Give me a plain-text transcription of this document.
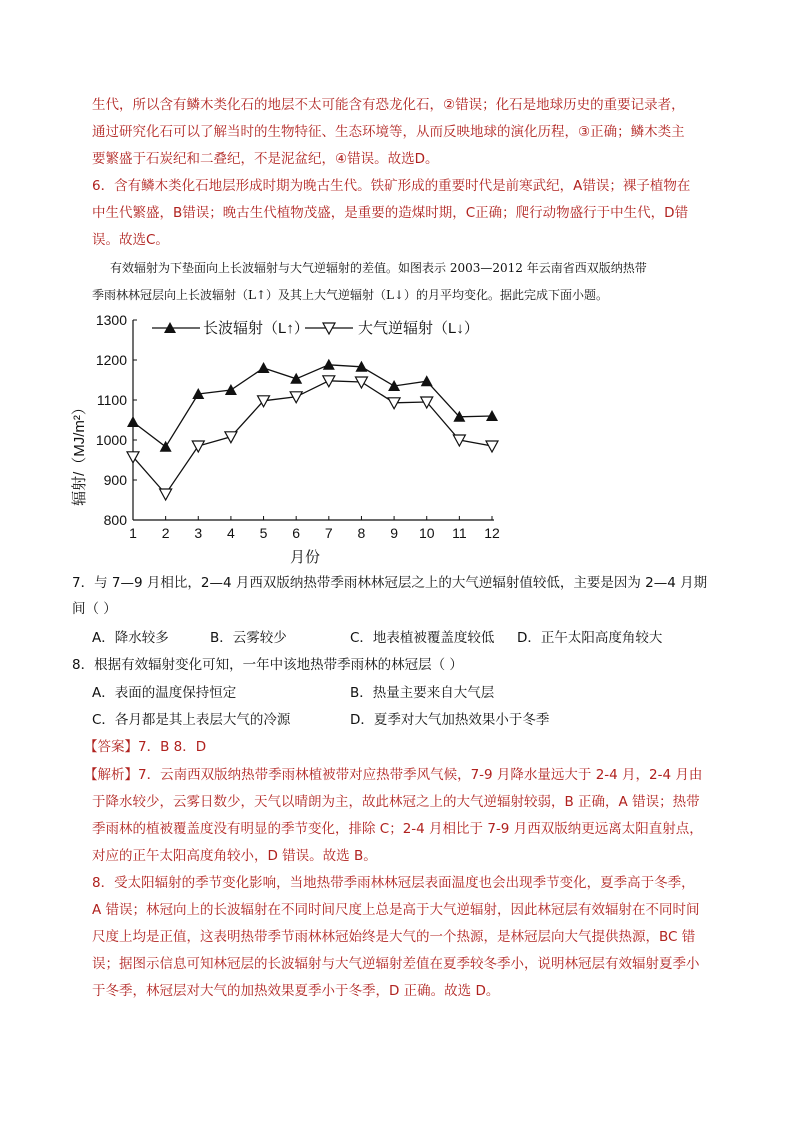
生代，所以含有鳞木类化石的地层不太可能含有恐龙化石，②错误；化石是地球历史的重要记录者，
通过研究化石可以了解当时的生物特征、生态环境等，从而反映地球的演化历程，③正确；鳞木类主
要繁盛于石炭纪和二叠纪，不是泥盆纪，④错误。故选D。
6．含有鳞木类化石地层形成时期为晚古生代。铁矿形成的重要时代是前寒武纪，A错误；裸子植物在
中生代繁盛，B错误；晚古生代植物茂盛，是重要的造煤时期，C正确；爬行动物盛行于中生代，D错
误。故选C。
有效辐射为下垫面向上长波辐射与大气逆辐射的差值。如图表示 2003—2012 年云南省西双版纳热带
季雨林林冠层向上长波辐射（L↑）及其上大气逆辐射（L↓）的月平均变化。据此完成下面小题。
800
900
1000
1100
1200
1300
1 2 3 4 5 6 7 8 9 10 11 12
辐射/（MJ/m²）
月份
长波辐射（L↑）	大气逆辐射（L↓）
7．与 7—9 月相比，2—4 月西双版纳热带季雨林林冠层之上的大气逆辐射值较低，主要是因为 2—4 月期
间（ ）
A．降水较多	B．云雾较少	C．地表植被覆盖度较低 D．正午太阳高度角较大
8．根据有效辐射变化可知，一年中该地热带季雨林的林冠层（ ）
A．表面的温度保持恒定	B．热量主要来自大气层
C．各月都是其上表层大气的冷源	D．夏季对大气加热效果小于冬季
【答案】7．B 8．D
【解析】7．云南西双版纳热带季雨林植被带对应热带季风气候，7-9 月降水量远大于 2-4 月，2-4 月由
于降水较少，云雾日数少，天气以晴朗为主，故此林冠之上的大气逆辐射较弱，B 正确，A 错误；热带
季雨林的植被覆盖度没有明显的季节变化，排除 C；2-4 月相比于 7-9 月西双版纳更远离太阳直射点，
对应的正午太阳高度角较小，D 错误。故选 B。
8．受太阳辐射的季节变化影响，当地热带季雨林林冠层表面温度也会出现季节变化，夏季高于冬季，
A 错误；林冠向上的长波辐射在不同时间尺度上总是高于大气逆辐射，因此林冠层有效辐射在不同时间
尺度上均是正值，这表明热带季节雨林林冠始终是大气的一个热源，是林冠层向大气提供热源，BC 错
误；据图示信息可知林冠层的长波辐射与大气逆辐射差值在夏季较冬季小，说明林冠层有效辐射夏季小
于冬季，林冠层对大气的加热效果夏季小于冬季，D 正确。故选 D。
